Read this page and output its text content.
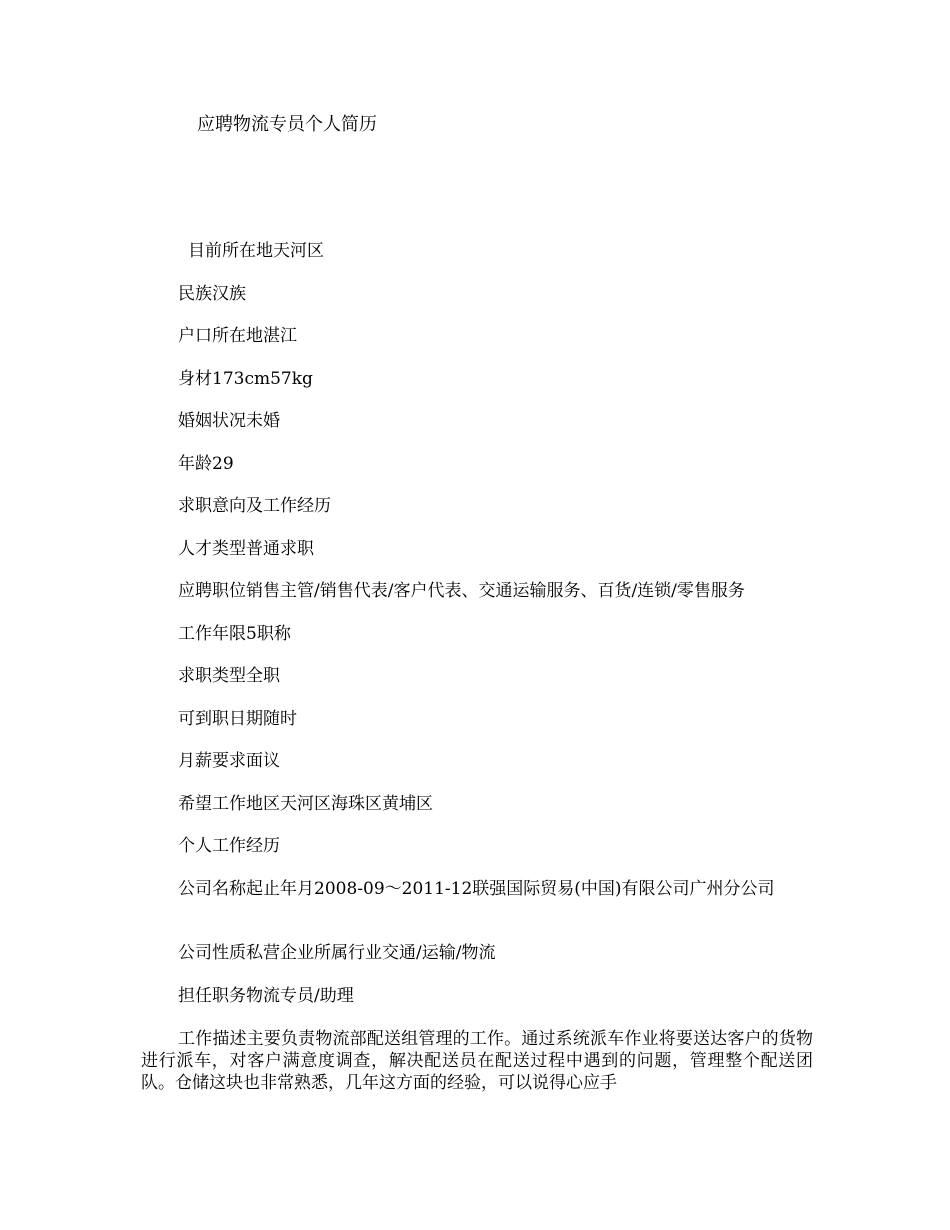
应聘物流专员个人简历
目前所在地天河区
民族汉族
户口所在地湛江
身材173cm57kg
婚姻状况未婚
年龄29
求职意向及工作经历
人才类型普通求职
应聘职位销售主管/销售代表/客户代表、交通运输服务、百货/连锁/零售服务
工作年限5职称
求职类型全职
可到职日期随时
月薪要求面议
希望工作地区天河区海珠区黄埔区
个人工作经历
公司名称起止年月2008-09～2011-12联强国际贸易(中国)有限公司广州分公司
公司性质私营企业所属行业交通/运输/物流
担任职务物流专员/助理
工作描述主要负责物流部配送组管理的工作。通过系统派车作业将要送达客户的货物进行派车，对客户满意度调查，解决配送员在配送过程中遇到的问题，管理整个配送团队。仓储这块也非常熟悉，几年这方面的经验，可以说得心应手
